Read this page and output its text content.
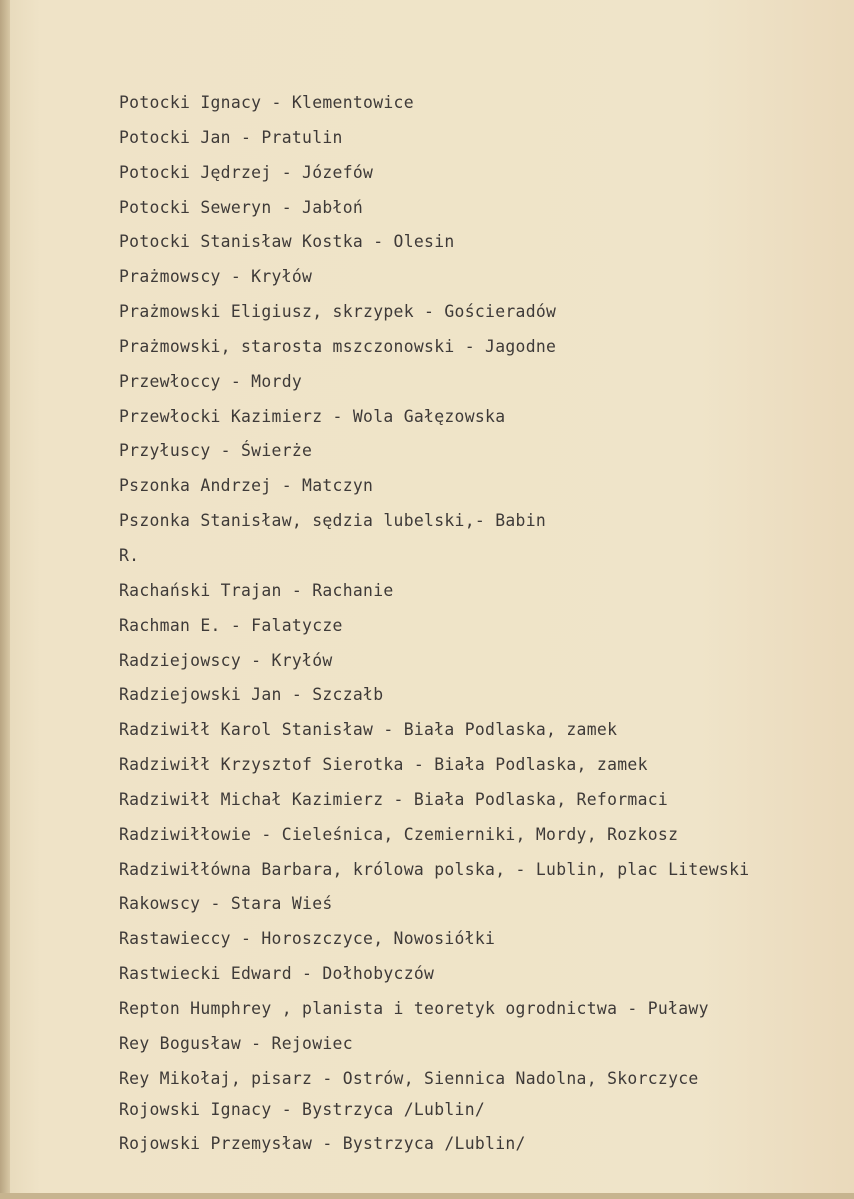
Potocki Ignacy - Klementowice
Potocki Jan - Pratulin
Potocki Jędrzej - Józefów
Potocki Seweryn - Jabłoń
Potocki Stanisław Kostka - Olesin
Prażmowscy - Kryłów
Prażmowski Eligiusz, skrzypek - Gościeradów
Prażmowski, starosta mszczonowski - Jagodne
Przewłoccy - Mordy
Przewłocki Kazimierz - Wola Gałęzowska
Przyłuscy - Świerże
Pszonka Andrzej - Matczyn
Pszonka Stanisław, sędzia lubelski,- Babin
R.
Rachański Trajan - Rachanie
Rachman E. - Falatycze
Radziejowscy - Kryłów
Radziejowski Jan - Szczałb
Radziwiłł Karol Stanisław - Biała Podlaska, zamek
Radziwiłł Krzysztof Sierotka - Biała Podlaska, zamek
Radziwiłł Michał Kazimierz - Biała Podlaska, Reformaci
Radziwiłłowie - Cieleśnica, Czemierniki, Mordy, Rozkosz
Radziwiłłówna Barbara, królowa polska, - Lublin, plac Litewski
Rakowscy - Stara Wieś
Rastawieccy - Horoszczyce, Nowosiółki
Rastwiecki Edward - Dołhobyczów
Repton Humphrey , planista i teoretyk ogrodnictwa - Puławy
Rey Bogusław - Rejowiec
Rey Mikołaj, pisarz - Ostrów, Siennica Nadolna, Skorczyce
Rojowski Ignacy - Bystrzyca /Lublin/
Rojowski Przemysław - Bystrzyca /Lublin/
